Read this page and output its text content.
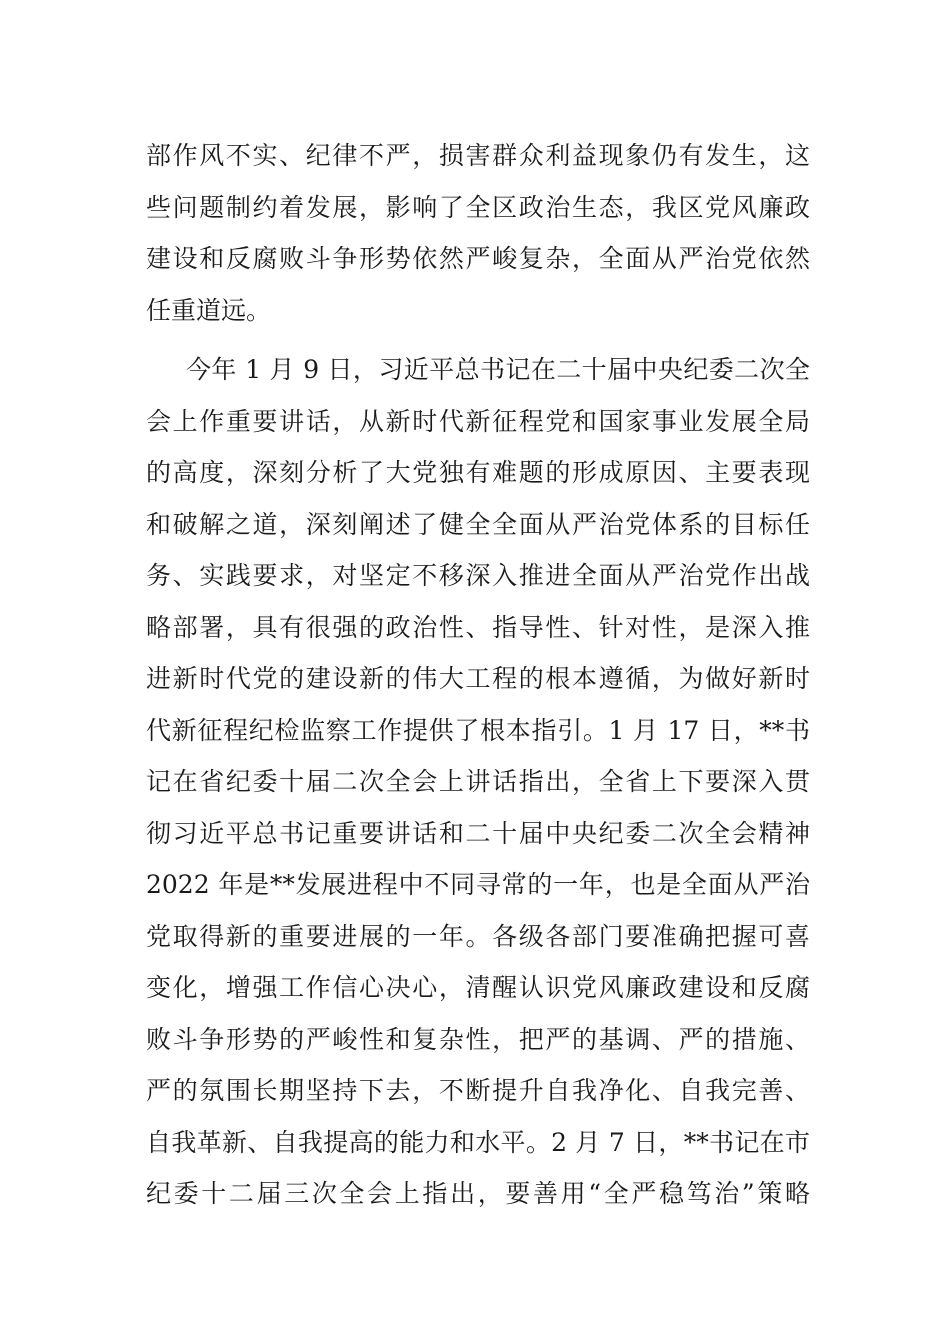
部作风不实、纪律不严，损害群众利益现象仍有发生，这
些问题制约着发展，影响了全区政治生态，我区党风廉政
建设和反腐败斗争形势依然严峻复杂，全面从严治党依然
任重道远。
今年 1 月 9 日，习近平总书记在二十届中央纪委二次全
会上作重要讲话，从新时代新征程党和国家事业发展全局
的高度，深刻分析了大党独有难题的形成原因、主要表现
和破解之道，深刻阐述了健全全面从严治党体系的目标任
务、实践要求，对坚定不移深入推进全面从严治党作出战
略部署，具有很强的政治性、指导性、针对性，是深入推
进新时代党的建设新的伟大工程的根本遵循，为做好新时
代新征程纪检监察工作提供了根本指引。1 月 17 日，**书
记在省纪委十届二次全会上讲话指出，全省上下要深入贯
彻习近平总书记重要讲话和二十届中央纪委二次全会精神
2022 年是**发展进程中不同寻常的一年，也是全面从严治
党取得新的重要进展的一年。各级各部门要准确把握可喜
变化，增强工作信心决心，清醒认识党风廉政建设和反腐
败斗争形势的严峻性和复杂性，把严的基调、严的措施、
严的氛围长期坚持下去，不断提升自我净化、自我完善、
自我革新、自我提高的能力和水平。2 月 7 日，**书记在市
纪委十二届三次全会上指出，要善用“全严稳笃治”策略
